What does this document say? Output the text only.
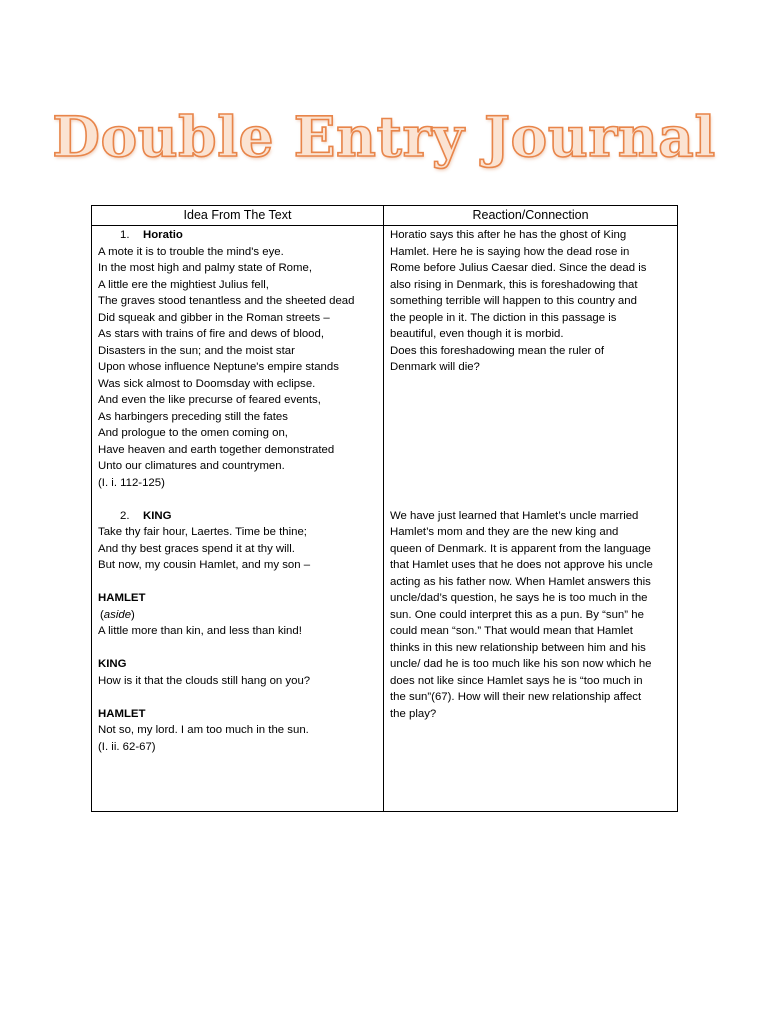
Double Entry Journal
Idea From The Text	Reaction/Connection
1. Horatio
A mote it is to trouble the mind's eye.
In the most high and palmy state of Rome,
A little ere the mightiest Julius fell,
The graves stood tenantless and the sheeted dead
Did squeak and gibber in the Roman streets –
As stars with trains of fire and dews of blood,
Disasters in the sun; and the moist star
Upon whose influence Neptune's empire stands
Was sick almost to Doomsday with eclipse.
And even the like precurse of feared events,
As harbingers preceding still the fates
And prologue to the omen coming on,
Have heaven and earth together demonstrated
Unto our climatures and countrymen.
(I. i. 112-125)
2. KING
Take thy fair hour, Laertes. Time be thine;
And thy best graces spend it at thy will.
But now, my cousin Hamlet, and my son –
HAMLET
(aside)
A little more than kin, and less than kind!
KING
How is it that the clouds still hang on you?
HAMLET
Not so, my lord. I am too much in the sun.
(I. ii. 62-67)
Horatio says this after he has the ghost of King
Hamlet. Here he is saying how the dead rose in
Rome before Julius Caesar died. Since the dead is
also rising in Denmark, this is foreshadowing that
something terrible will happen to this country and
the people in it. The diction in this passage is
beautiful, even though it is morbid.
Does this foreshadowing mean the ruler of
Denmark will die?
We have just learned that Hamlet’s uncle married
Hamlet’s mom and they are the new king and
queen of Denmark. It is apparent from the language
that Hamlet uses that he does not approve his uncle
acting as his father now. When Hamlet answers this
uncle/dad’s question, he says he is too much in the
sun. One could interpret this as a pun. By “sun” he
could mean “son.” That would mean that Hamlet
thinks in this new relationship between him and his
uncle/ dad he is too much like his son now which he
does not like since Hamlet says he is “too much in
the sun”(67). How will their new relationship affect
the play?
